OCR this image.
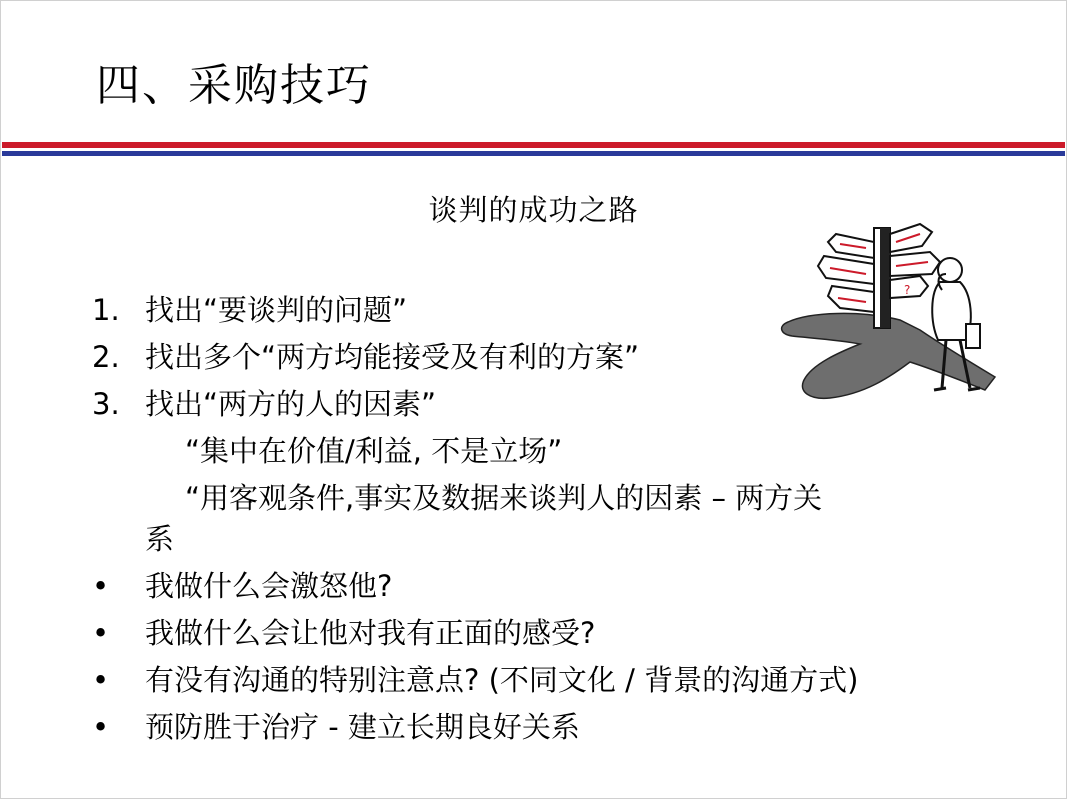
四、采购技巧
谈判的成功之路
1. 找出“要谈判的问题”
2. 找出多个“两方均能接受及有利的方案”
3. 找出“两方的人的因素”
“集中在价值/利益, 不是立场”
“用客观条件,事实及数据来谈判人的因素 – 两方关
系
• 我做什么会激怒他?
• 我做什么会让他对我有正面的感受?
• 有没有沟通的特别注意点? (不同文化 / 背景的沟通方式)
• 预防胜于治疗 - 建立长期良好关系
?
